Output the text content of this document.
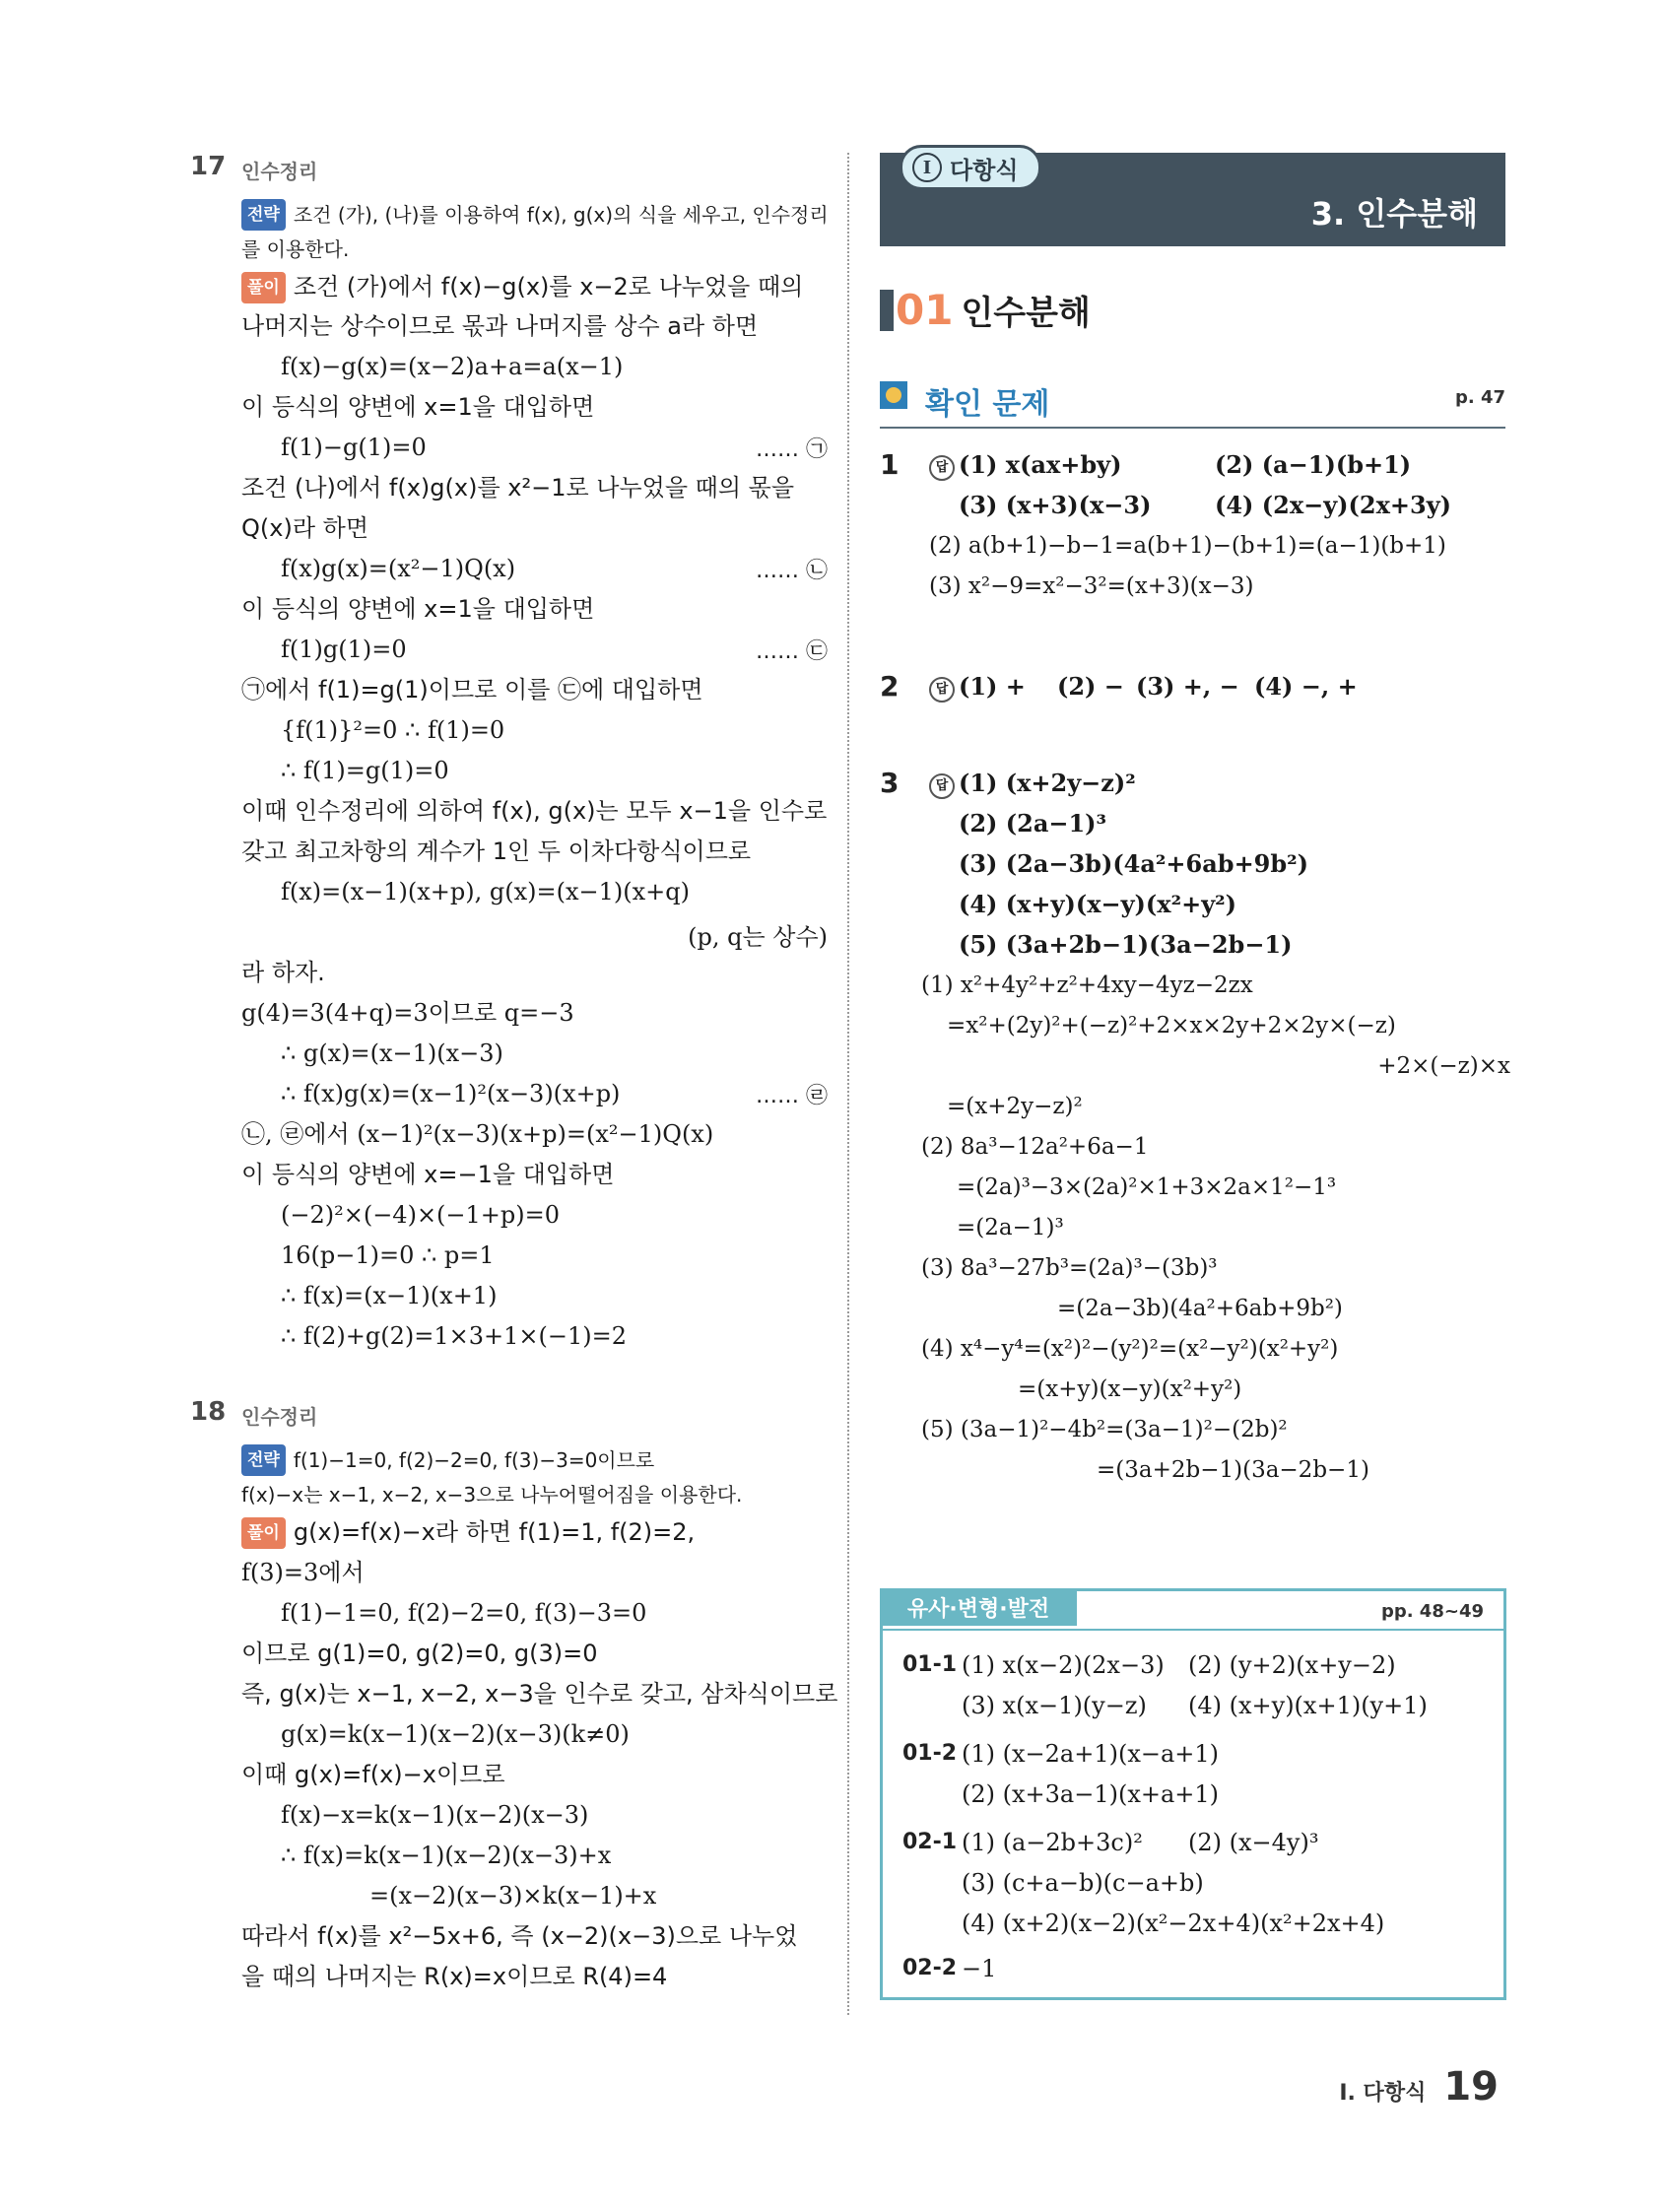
17 인수정리
전략 조건 (가), (나)를 이용하여 f(x), g(x)의 식을 세우고, 인수정리
를 이용한다.
풀이 조건 (가)에서 f(x)−g(x)를 x−2로 나누었을 때의
나머지는 상수이므로 몫과 나머지를 상수 a라 하면
f(x)−g(x)=(x−2)a+a=a(x−1)
이 등식의 양변에 x=1을 대입하면
f(1)−g(1)=0	…… ㉠
조건 (나)에서 f(x)g(x)를 x²−1로 나누었을 때의 몫을
Q(x)라 하면
f(x)g(x)=(x²−1)Q(x)	…… ㉡
이 등식의 양변에 x=1을 대입하면
f(1)g(1)=0	…… ㉢
㉠에서 f(1)=g(1)이므로 이를 ㉢에 대입하면
{f(1)}²=0 ∴ f(1)=0
∴ f(1)=g(1)=0
이때 인수정리에 의하여 f(x), g(x)는 모두 x−1을 인수로
갖고 최고차항의 계수가 1인 두 이차다항식이므로
f(x)=(x−1)(x+p), g(x)=(x−1)(x+q)
(p, q는 상수)
라 하자.
g(4)=3(4+q)=3이므로 q=−3
∴ g(x)=(x−1)(x−3)
∴ f(x)g(x)=(x−1)²(x−3)(x+p)	…… ㉣
㉡, ㉣에서 (x−1)²(x−3)(x+p)=(x²−1)Q(x)
이 등식의 양변에 x=−1을 대입하면
(−2)²×(−4)×(−1+p)=0
16(p−1)=0 ∴ p=1
∴ f(x)=(x−1)(x+1)
∴ f(2)+g(2)=1×3+1×(−1)=2
18 인수정리
전략 f(1)−1=0, f(2)−2=0, f(3)−3=0이므로
f(x)−x는 x−1, x−2, x−3으로 나누어떨어짐을 이용한다.
풀이 g(x)=f(x)−x라 하면 f(1)=1, f(2)=2,
f(3)=3에서
f(1)−1=0, f(2)−2=0, f(3)−3=0
이므로 g(1)=0, g(2)=0, g(3)=0
즉, g(x)는 x−1, x−2, x−3을 인수로 갖고, 삼차식이므로
g(x)=k(x−1)(x−2)(x−3)(k≠0)
이때 g(x)=f(x)−x이므로
f(x)−x=k(x−1)(x−2)(x−3)
∴ f(x)=k(x−1)(x−2)(x−3)+x
=(x−2)(x−3)×k(x−1)+x
따라서 f(x)를 x²−5x+6, 즉 (x−2)(x−3)으로 나누었
을 때의 나머지는 R(x)=x이므로 R(4)=4
I 다항식
3. 인수분해
01 인수분해
확인 문제	p. 47
1	답 (1) x(ax+by)	(2) (a−1)(b+1)
(3) (x+3)(x−3)	(4) (2x−y)(2x+3y)
(2) a(b+1)−b−1=a(b+1)−(b+1)=(a−1)(b+1)
(3) x²−9=x²−3²=(x+3)(x−3)
2	답 (1) + (2) − (3) +, − (4) −, +
3	답 (1) (x+2y−z)²
(2) (2a−1)³
(3) (2a−3b)(4a²+6ab+9b²)
(4) (x+y)(x−y)(x²+y²)
(5) (3a+2b−1)(3a−2b−1)
(1) x²+4y²+z²+4xy−4yz−2zx
=x²+(2y)²+(−z)²+2×x×2y+2×2y×(−z)
+2×(−z)×x
=(x+2y−z)²
(2) 8a³−12a²+6a−1
=(2a)³−3×(2a)²×1+3×2a×1²−1³
=(2a−1)³
(3) 8a³−27b³=(2a)³−(3b)³
=(2a−3b)(4a²+6ab+9b²)
(4) x⁴−y⁴=(x²)²−(y²)²=(x²−y²)(x²+y²)
=(x+y)(x−y)(x²+y²)
(5) (3a−1)²−4b²=(3a−1)²−(2b)²
=(3a+2b−1)(3a−2b−1)
유사·변형·발전	pp. 48~49
01-1 (1) x(x−2)(2x−3) (2) (y+2)(x+y−2)
(3) x(x−1)(y−z) (4) (x+y)(x+1)(y+1)
01-2 (1) (x−2a+1)(x−a+1)
(2) (x+3a−1)(x+a+1)
02-1 (1) (a−2b+3c)² (2) (x−4y)³
(3) (c+a−b)(c−a+b)
(4) (x+2)(x−2)(x²−2x+4)(x²+2x+4)
02-2 −1
Ⅰ. 다항식 19
